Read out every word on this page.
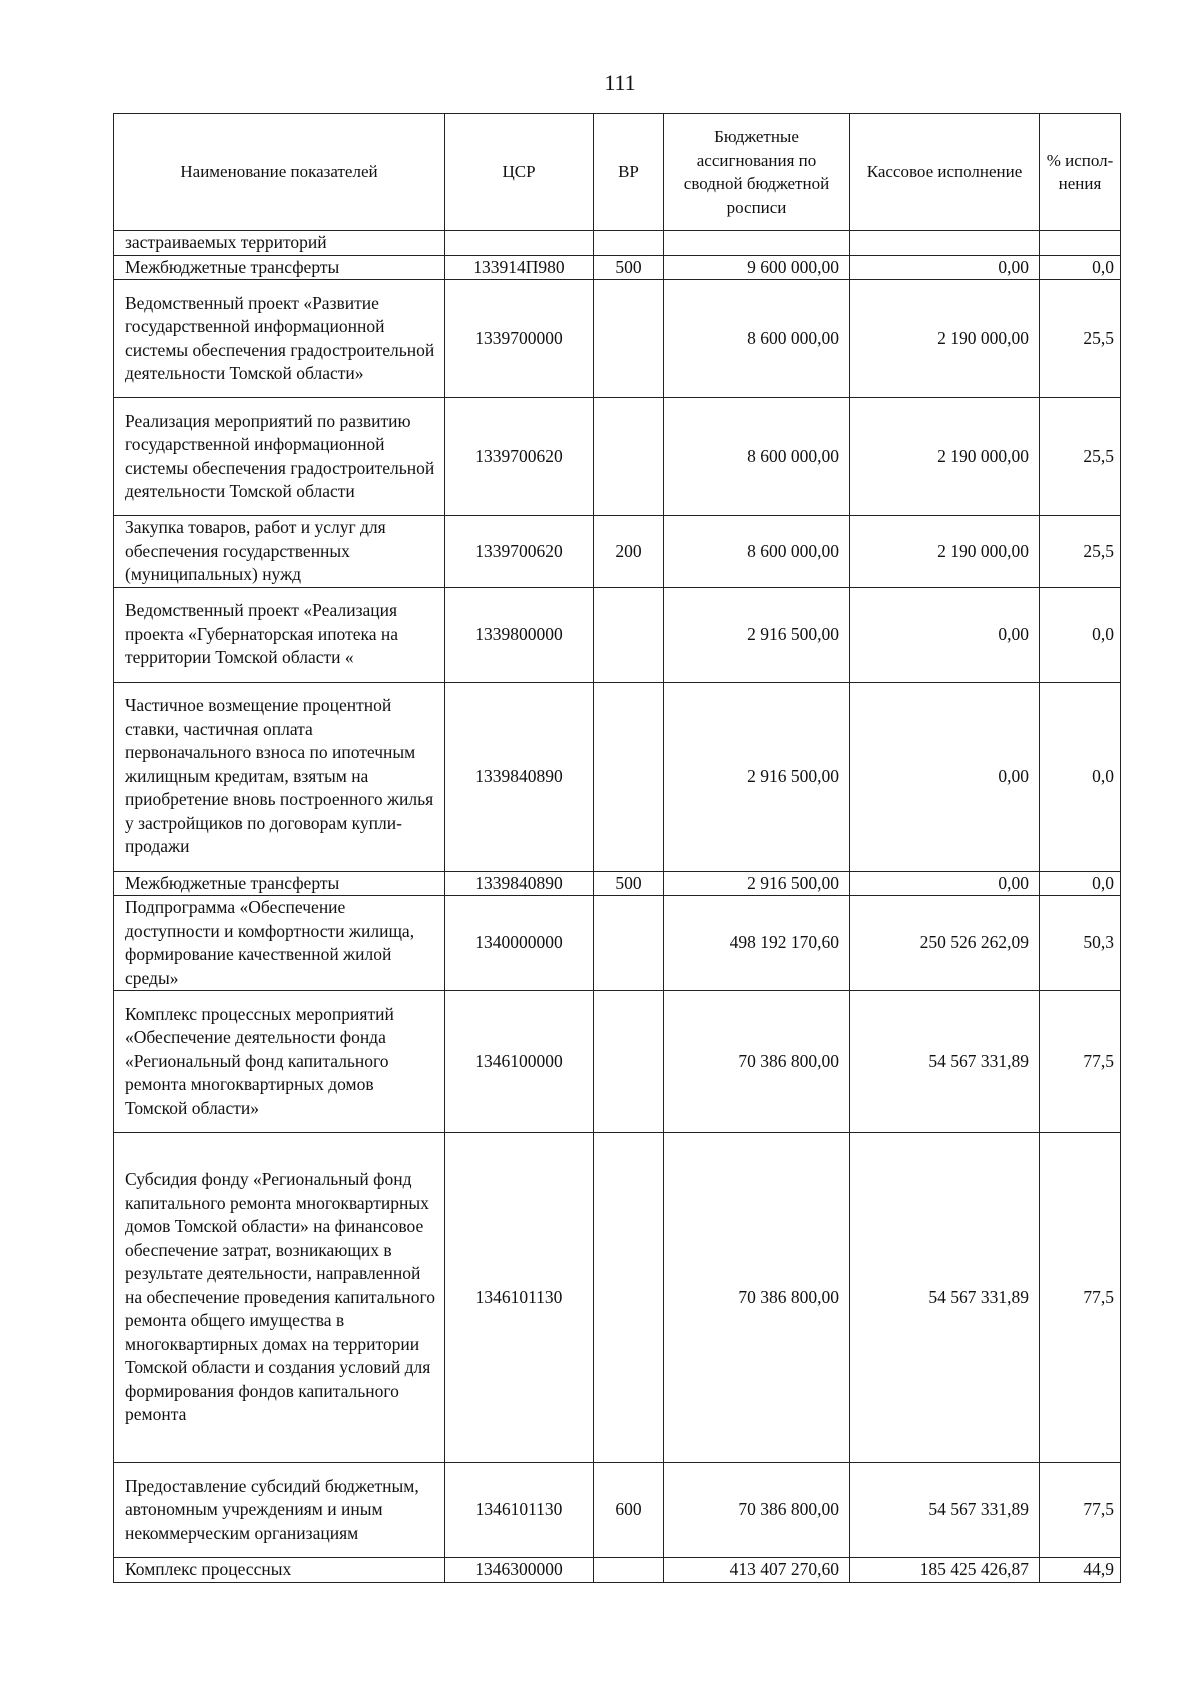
111
Наименование показателей	ЦСР	ВР	Бюджетные ассигнования по сводной бюджетной росписи	Кассовое исполнение	% испол-нения
застраиваемых территорий					
Межбюджетные трансферты	133914П980	500	9 600 000,00	0,00	0,0
Ведомственный проект «Развитие государственной информационной системы обеспечения градостроительной деятельности Томской области»	1339700000		8 600 000,00	2 190 000,00	25,5
Реализация мероприятий по развитию государственной информационной системы обеспечения градостроительной деятельности Томской области	1339700620		8 600 000,00	2 190 000,00	25,5
Закупка товаров, работ и услуг для обеспечения государственных (муниципальных) нужд	1339700620	200	8 600 000,00	2 190 000,00	25,5
Ведомственный проект «Реализация проекта «Губернаторская ипотека на территории Томской области «	1339800000		2 916 500,00	0,00	0,0
Частичное возмещение процентной ставки, частичная оплата первоначального взноса по ипотечным жилищным кредитам, взятым на приобретение вновь построенного жилья у застройщиков по договорам купли-продажи	1339840890		2 916 500,00	0,00	0,0
Межбюджетные трансферты	1339840890	500	2 916 500,00	0,00	0,0
Подпрограмма «Обеспечение доступности и комфортности жилища, формирование качественной жилой среды»	1340000000		498 192 170,60	250 526 262,09	50,3
Комплекс процессных мероприятий «Обеспечение деятельности фонда «Региональный фонд капитального ремонта многоквартирных домов Томской области»	1346100000		70 386 800,00	54 567 331,89	77,5
Субсидия фонду «Региональный фонд капитального ремонта многоквартирных домов Томской области» на финансовое обеспечение затрат, возникающих в результате деятельности, направленной на обеспечение проведения капитального ремонта общего имущества в многоквартирных домах на территории Томской области и создания условий для формирования фондов капитального ремонта	1346101130		70 386 800,00	54 567 331,89	77,5
Предоставление субсидий бюджетным, автономным учреждениям и иным некоммерческим организациям	1346101130	600	70 386 800,00	54 567 331,89	77,5
Комплекс процессных	1346300000		413 407 270,60	185 425 426,87	44,9
